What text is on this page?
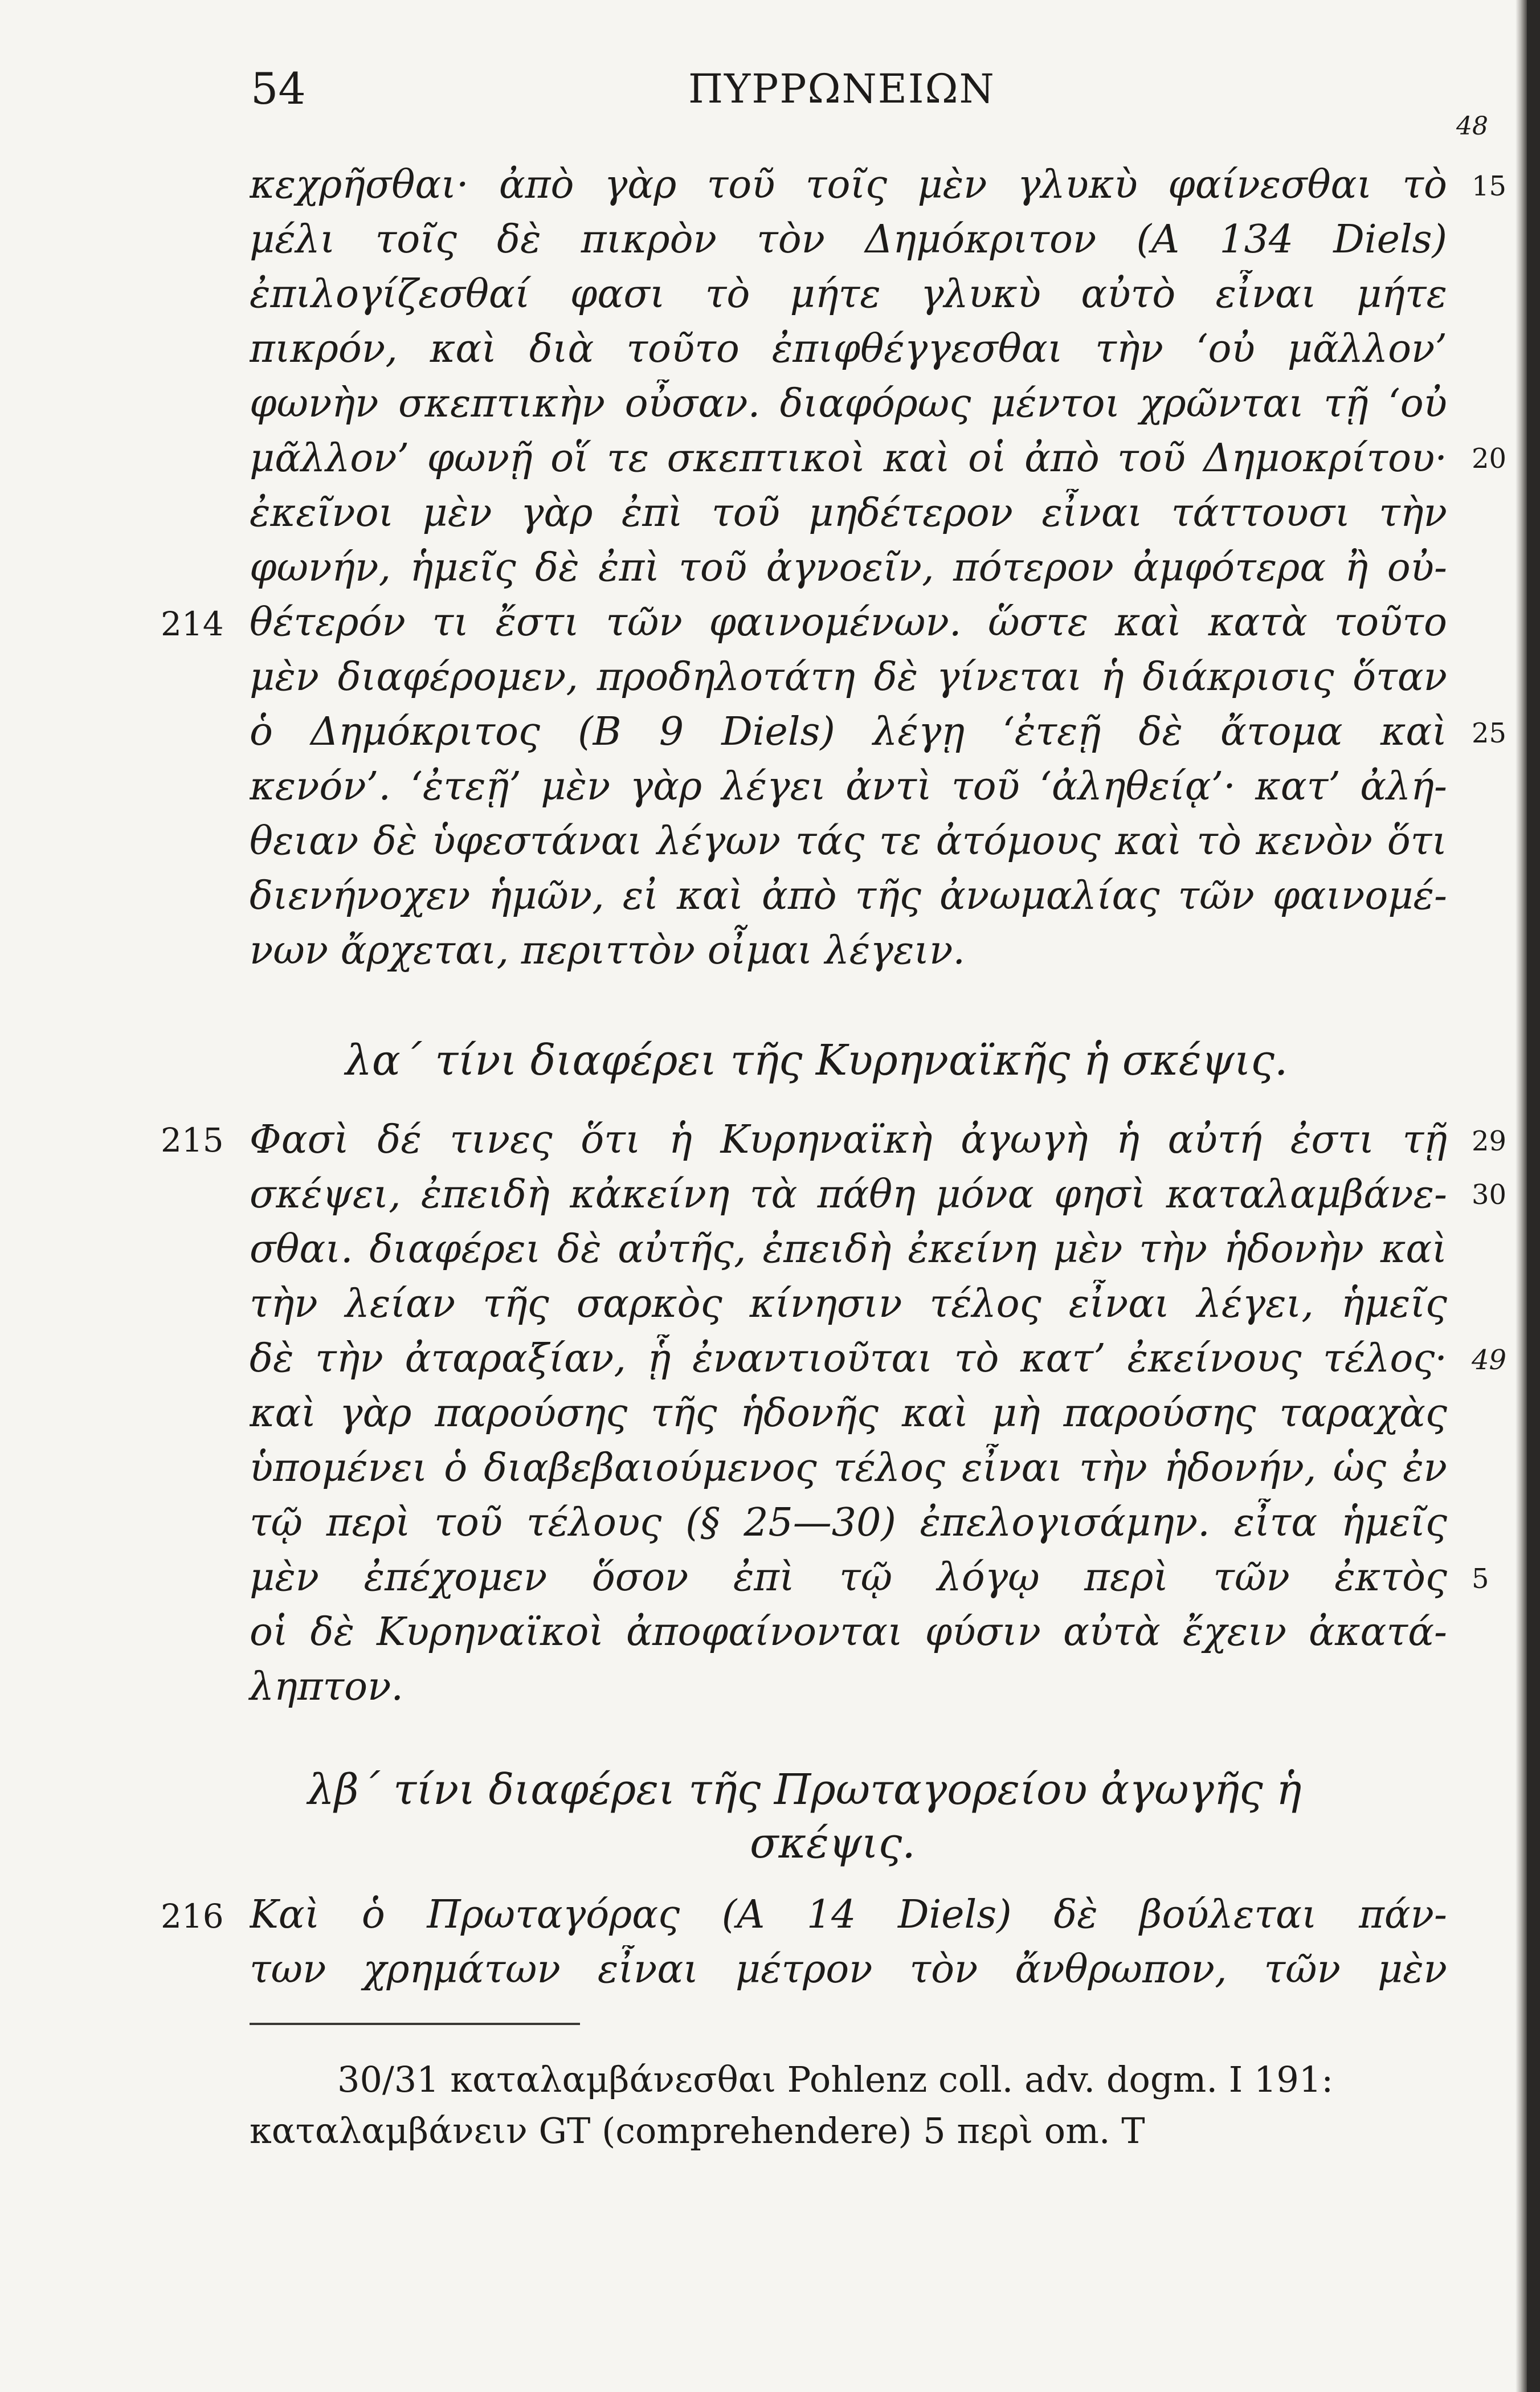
54	ΠΥΡΡΩΝΕΙΩΝ
48
κεχρῆσθαι· ἀπὸ γὰρ τοῦ τοῖς μὲν γλυκὺ φαίνεσθαι τὸ
μέλι τοῖς δὲ πικρὸν τὸν Δημόκριτον (A 134 Diels)
ἐπιλογίζεσθαί φασι τὸ μήτε γλυκὺ αὐτὸ εἶναι μήτε
πικρόν, καὶ διὰ τοῦτο ἐπιφθέγγεσθαι τὴν ‘οὐ μᾶλλον’
φωνὴν σκεπτικὴν οὖσαν. διαφόρως μέντοι χρῶνται τῇ ‘οὐ
μᾶλλον’ φωνῇ οἵ τε σκεπτικοὶ καὶ οἱ ἀπὸ τοῦ Δημοκρίτου·
ἐκεῖνοι μὲν γὰρ ἐπὶ τοῦ μηδέτερον εἶναι τάττουσι τὴν
φωνήν, ἡμεῖς δὲ ἐπὶ τοῦ ἀγνοεῖν, πότερον ἀμφότερα ἢ οὐ-
θέτερόν τι ἔστι τῶν φαινομένων. ὥστε καὶ κατὰ τοῦτο
μὲν διαφέρομεν, προδηλοτάτη δὲ γίνεται ἡ διάκρισις ὅταν
ὁ Δημόκριτος (B 9 Diels) λέγῃ ‘ἐτεῇ δὲ ἄτομα καὶ
κενόν’. ‘ἐτεῇ’ μὲν γὰρ λέγει ἀντὶ τοῦ ‘ἀληθείᾳ’· κατ’ ἀλή-
θειαν δὲ ὑφεστάναι λέγων τάς τε ἀτόμους καὶ τὸ κενὸν ὅτι
διενήνοχεν ἡμῶν, εἰ καὶ ἀπὸ τῆς ἀνωμαλίας τῶν φαινομέ-
νων ἄρχεται, περιττὸν οἶμαι λέγειν.
λα΄ τίνι διαφέρει τῆς Κυρηναϊκῆς ἡ σκέψις.
Φασὶ δέ τινες ὅτι ἡ Κυρηναϊκὴ ἀγωγὴ ἡ αὐτή ἐστι τῇ
σκέψει, ἐπειδὴ κἀκείνη τὰ πάθη μόνα φησὶ καταλαμβάνε-
σθαι. διαφέρει δὲ αὐτῆς, ἐπειδὴ ἐκείνη μὲν τὴν ἡδονὴν καὶ
τὴν λείαν τῆς σαρκὸς κίνησιν τέλος εἶναι λέγει, ἡμεῖς
δὲ τὴν ἀταραξίαν, ᾗ ἐναντιοῦται τὸ κατ’ ἐκείνους τέλος·
καὶ γὰρ παρούσης τῆς ἡδονῆς καὶ μὴ παρούσης ταραχὰς
ὑπομένει ὁ διαβεβαιούμενος τέλος εἶναι τὴν ἡδονήν, ὡς ἐν
τῷ περὶ τοῦ τέλους (§ 25—30) ἐπελογισάμην. εἶτα ἡμεῖς
μὲν ἐπέχομεν ὅσον ἐπὶ τῷ λόγῳ περὶ τῶν ἐκτὸς
οἱ δὲ Κυρηναϊκοὶ ἀποφαίνονται φύσιν αὐτὰ ἔχειν ἀκατά-
ληπτον.
λβ΄ τίνι διαφέρει τῆς Πρωταγορείου ἀγωγῆς ἡ
σκέψις.
Καὶ ὁ Πρωταγόρας (A 14 Diels) δὲ βούλεται πάν-
των χρημάτων εἶναι μέτρον τὸν ἄνθρωπον, τῶν μὲν
15
20
25
29
30
49
5
214
215
216
30/31 καταλαμβάνεσθαι Pohlenz coll. adv. dogm. I 191:
καταλαμβάνειν GT (comprehendere) 5 περὶ om. T
